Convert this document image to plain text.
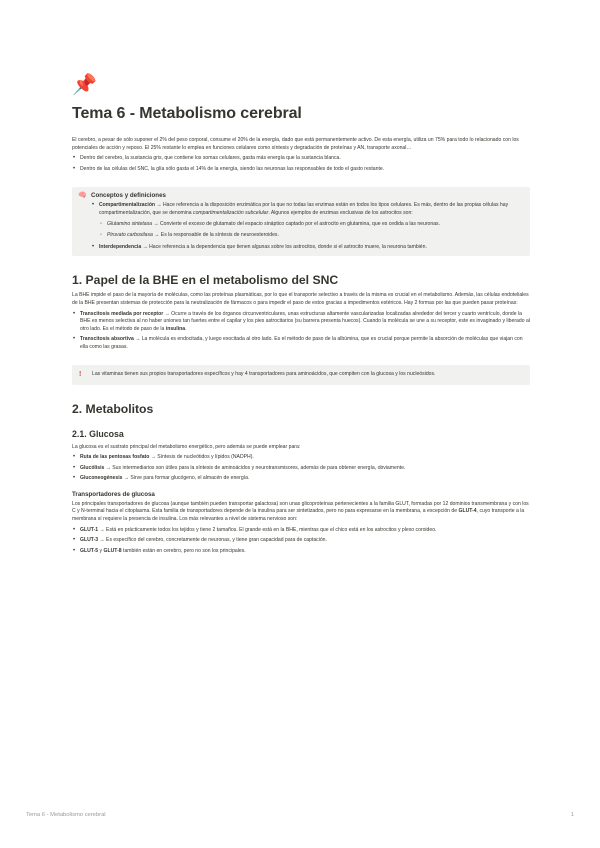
📌
Tema 6 - Metabolismo cerebral

El cerebro, a pesar de sólo suponer el 2% del peso corporal, consume el 20% de la energía, dado que está permanentemente activo. De esta energía, utiliza un 75% para todo lo relacionado con los potenciales de acción y reposo. El 25% restante lo emplea en funciones celulares como síntesis y degradación de proteínas y AN, transporte axonal…

• Dentro del cerebro, la sustancia gris, que contiene los somas celulares, gasta más energía que la sustancia blanca.
• Dentro de las células del SNC, la glía sólo gasta el 14% de la energía, siendo las neuronas las responsables de todo el gasto restante.
🧠 Conceptos y definiciones
• Compartimentalización → Hace referencia a la disposición enzimática por la que no todas las enzimas están en todos los tipos celulares. Es más, dentro de las propias células hay compartimentalización, que se denomina compartimentalización subcelular. Algunos ejemplos de enzimas exclusivas de los astrocitos son:
◦ Glutamino sintetasa → Convierte el exceso de glutamato del espacio sináptico captado por el astrocito en glutamina, que es cedida a las neuronas.
◦ Piruvato carboxilasa → Es la responsable de la síntesis de neuroesteroides.
• Interdependencia → Hace referencia a la dependencia que tienen algunas sobre los astrocitos, donde si el astrocito muere, la neurona también.
1. Papel de la BHE en el metabolismo del SNC

La BHE impide el paso de la mayoría de moléculas, como las proteínas plasmáticas, por lo que el transporte selectivo a través de la misma es crucial en el metabolismo. Además, las células endoteliales de la BHE presentan sistemas de protección para la neutralización de fármacos o para impedir el paso de estos gracias a impedimentos estéricos. Hay 2 formas por las que pueden pasar proteínas:

• Transcitosis mediada por receptor → Ocurre a través de los órganos circunventriculares, unas estructuras altamente vascularizadas localizadas alrededor del tercer y cuarto ventrículo, donde la BHE es menos selectiva al no haber uniones tan fuertes entre el capilar y los pies astrocitarios (su barrera presenta huecos). Cuando la molécula se une a su receptor, este es invaginado y liberado al otro lado. Es el método de paso de la insulina.
• Transcitosis absortiva → La molécula es endocitada, y luego exocitada al otro lado. Es el método de paso de la albúmina, que es crucial porque permite la absorción de moléculas que viajan con ella como las grasas.
!	Las vitaminas tienen sus propios transportadores específicos y hay 4 transportadores para aminoácidos, que compiten con la glucosa y los nucleósidos.

2. Metabolitos
2.1. Glucosa

La glucosa es el sustrato principal del metabolismo energético, pero además se puede emplear para:

• Ruta de las pentosas fosfato → Síntesis de nucleótidos y lípidos (NADPH).
• Glucólisis → Sus intermediarios son útiles para la síntesis de aminoácidos y neurotransmisores, además de para obtener energía, obviamente.
• Gluconeogénesis → Sirve para formar glucógeno, el almacén de energía.
Transportadores de glucosa

Los principales transportadores de glucosa (aunque también pueden transportar galactosa) son unas glicoproteínas pertenecientes a la familia GLUT, formadas por 12 dominios transmembrana y con los C y N-terminal hacia el citoplasma. Esta familia de transportadores depende de la insulina para ser sintetizados, pero no para expresarse en la membrana, a excepción de GLUT-4, cuyo transporte a la membrana sí requiere la presencia de insulina. Los más relevantes a nivel de sistema nervioso son:

• GLUT-1 → Está en prácticamente todos los tejidos y tiene 2 tamaños. El grande está en la BHE, mientras que el chico está en los astrocitos y plexo coroideo.
• GLUT-3 → Es específico del cerebro, concretamente de neuronas, y tiene gran capacidad para de captación.
• GLUT-5 y GLUT-8 también están en cerebro, pero no son los principales.
Tema 6 - Metabolismo cerebral	1
